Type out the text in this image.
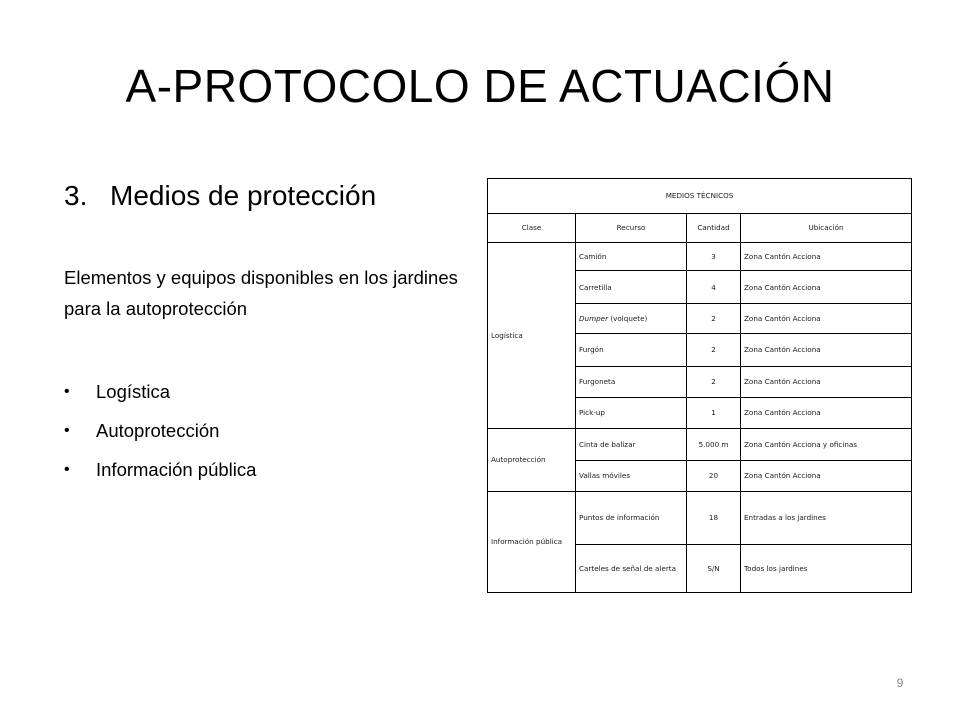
A-PROTOCOLO DE ACTUACIÓN
3. Medios de protección

Elementos y equipos disponibles en los jardines para la autoprotección

• Logística
• Autoprotección
• Información pública
MEDIOS TÉCNICOS			
Clase	Recurso	Cantidad	Ubicación
Logística	Camión	3	Zona Cantón Acciona
	Carretilla	4	Zona Cantón Acciona
	Dumper (volquete)	2	Zona Cantón Acciona
	Furgón	2	Zona Cantón Acciona
	Furgoneta	2	Zona Cantón Acciona
	Pick-up	1	Zona Cantón Acciona
Autoprotección	Cinta de balizar	5.000 m	Zona Cantón Acciona y oficinas
	Vallas móviles	20	Zona Cantón Acciona
Información pública	Puntos de información	18	Entradas a los jardines
	Carteles de señal de alerta	S/N	Todos los jardines
9
